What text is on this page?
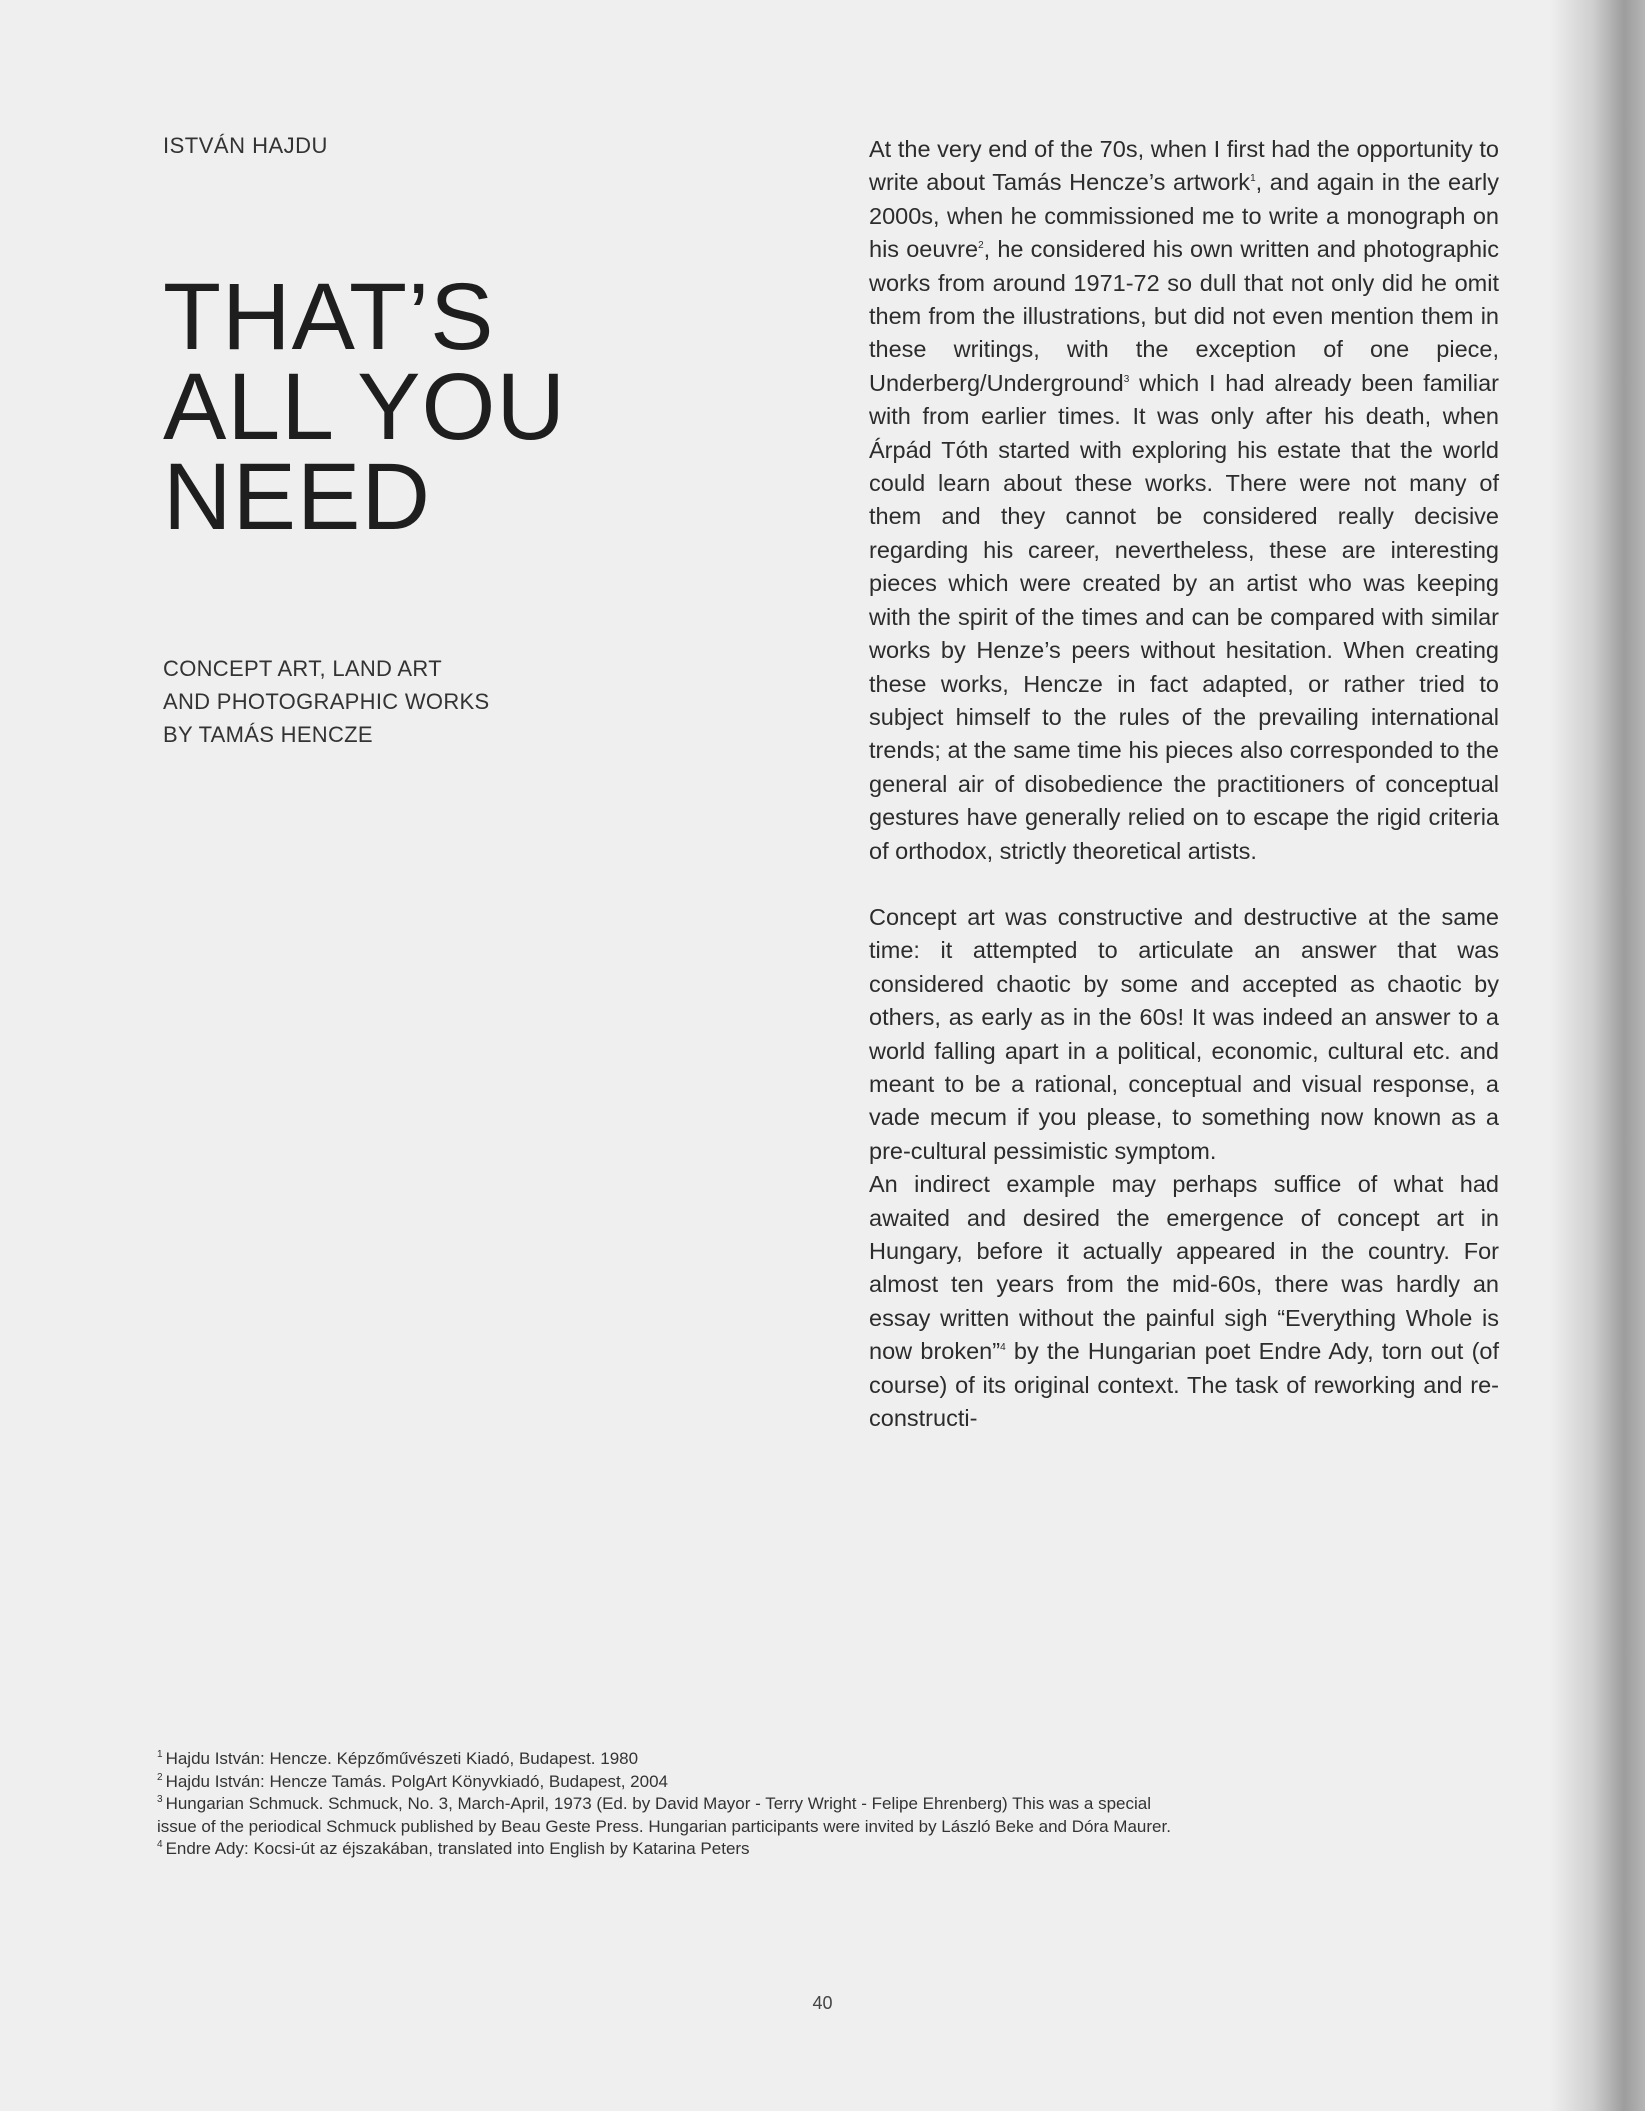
ISTVÁN HAJDU
THAT’S
ALL YOU
NEED
CONCEPT ART, LAND ART
AND PHOTOGRAPHIC WORKS
BY TAMÁS HENCZE

At the very end of the 70s, when I first had the opportunity to write about Tamás Hencze’s artwork$^1$, and again in the early 2000s, when he commissioned me to write a monograph on his oeuvre$^2$, he considered his own written and photographic works from around 1971-72 so dull that not only did he omit them from the illustrations, but did not even mention them in these writings, with the exception of one piece, Underberg/Underground$^3$ which I had already been familiar with from earlier times. It was only after his death, when Árpád Tóth started with exploring his estate that the world could learn about these works. There were not many of them and they cannot be considered really decisive regarding his career, nevertheless, these are interesting pieces which were created by an artist who was keeping with the spirit of the times and can be compared with similar works by Henze’s peers without hesitation. When creating these works, Hencze in fact adapted, or rather tried to subject himself to the rules of the prevailing international trends; at the same time his pieces also corresponded to the general air of disobedience the practitioners of conceptual gestures have generally relied on to escape the rigid criteria of orthodox, strictly theoretical artists.

Concept art was constructive and destructive at the same time: it attempted to articulate an answer that was considered chaotic by some and accepted as chaotic by others, as early as in the 60s! It was indeed an answer to a world falling apart in a political, economic, cultural etc. and meant to be a rational, conceptual and visual response, a vade mecum if you please, to something now known as a pre-cultural pessimistic symptom.

An indirect example may perhaps suffice of what had awaited and desired the emergence of concept art in Hungary, before it actually appeared in the country. For almost ten years from the mid-60s, there was hardly an essay written without the painful sigh “Everything Whole is now broken”$^4$ by the Hungarian poet Endre Ady, torn out (of course) of its original context. The task of reworking and re-constructi-

$^1$ Hajdu István: Hencze. Képzőművészeti Kiadó, Budapest. 1980
$^2$ Hajdu István: Hencze Tamás. PolgArt Könyvkiadó, Budapest, 2004
$^3$ Hungarian Schmuck. Schmuck, No. 3, March-April, 1973 (Ed. by David Mayor - Terry Wright - Felipe Ehrenberg) This was a special
issue of the periodical Schmuck published by Beau Geste Press. Hungarian participants were invited by László Beke and Dóra Maurer.
$^4$ Endre Ady: Kocsi-út az éjszakában, translated into English by Katarina Peters
40
